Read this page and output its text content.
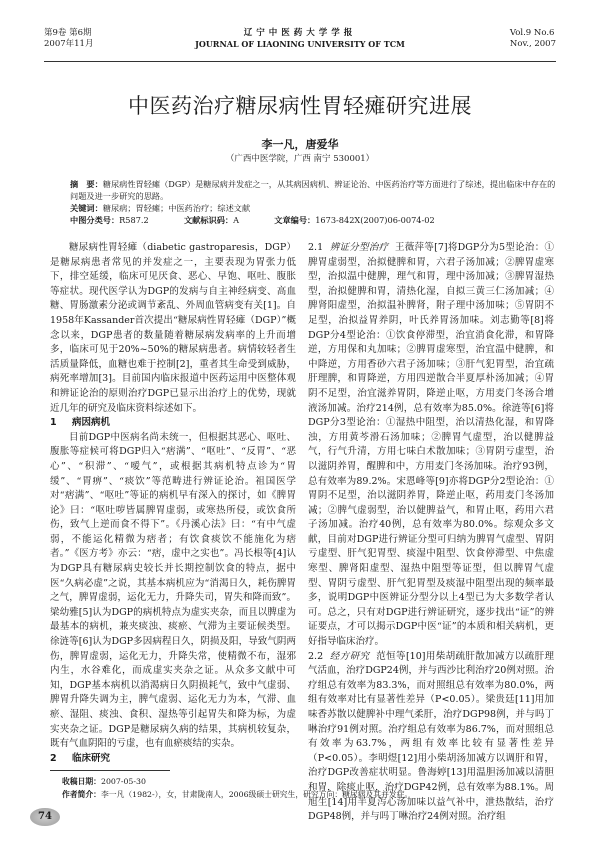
第9卷 第6期
2007年11月
辽宁中医药大学学报
JOURNAL OF LIAONING UNIVERSITY OF TCM
Vol.9 No.6
Nov., 2007
中医药治疗糖尿病性胃轻瘫研究进展
李一凡，唐爱华
（广西中医学院，广西 南宁 530001）

摘　要：糖尿病性胃轻瘫（DGP）是糖尿病并发症之一，从其病因病机、辨证论治、中医药治疗等方面进行了综述，提出临床中存在的问题及进一步研究的思路。

关键词：糖尿病；胃轻瘫；中医药治疗；综述文献

中图分类号：R587.2	文献标识码：A	文章编号：1673-842X(2007)06-0074-02

糖尿病性胃轻瘫（diabetic gastroparesis，DGP）是糖尿病患者常见的并发症之一，主要表现为胃张力低下，排空延缓，临床可见厌食、恶心、早饱、呕吐、腹胀等症状。现代医学认为DGP的发病与自主神经病变、高血糖、胃肠激素分泌或调节紊乱、外周血管病变有关[1]。自1958年Kassander首次提出“糖尿病性胃轻瘫（DGP）”概念以来，DGP患者的数量随着糖尿病发病率的上升而增多，临床可见于20%~50%的糖尿病患者。病情较轻者生活质量降低，血糖也难于控制[2]，重者其生命受到威胁，病死率增加[3]。目前国内临床报道中医药运用中医整体观和辨证论治的原则治疗DGP已显示出治疗上的优势，现就近几年的研究及临床资料综述如下。

1 病因病机

目前DGP中医病名尚未统一，但根据其恶心、呕吐、腹胀等症候可将DGP归入“痞满”、“呕吐”、“反胃”、“恶心”、“积滞”、“嗳气”，或根据其病机特点诊为“胃缓”、“胃痹”、“痰饮”等范畴进行辨证论治。祖国医学对“痞满”、“呕吐”等证的病机早有深入的探讨，如《脾胃论》曰：“呕吐哕皆属脾胃虚弱，或寒热所侵，或饮食所伤，致气上逆而食不得下”。《丹溪心法》曰：“有中气虚弱，不能运化精微为痞者；有饮食痰饮不能施化为痞者。”《医方考》亦云：“痞，虚中之实也”。冯长根等[4]认为DGP具有糖尿病史较长并长期控制饮食的特点，据中医“久病必虚”之说，其基本病机应为“消渴日久，耗伤脾胃之气，脾胃虚弱，运化无力，升降失司，胃失和降而致”。梁幼雅[5]认为DGP的病机特点为虚实夹杂，而且以脾虚为最基本的病机，兼夹痰浊、痰瘀、气滞为主要证候类型。徐涟等[6]认为DGP多因病程日久，阴损及阳，导致气阴两伤，脾胃虚弱，运化无力，升降失常，使精微不布，湿邪内生，水谷难化，而成虚实夹杂之证。从众多文献中可知，DGP基本病机以消渴病日久阴损耗气，致中气虚弱、脾胃升降失调为主，脾气虚弱、运化无力为本，气滞、血瘀、湿阻、痰浊、食积、湿热等引起胃失和降为标，为虚实夹杂之证。DGP是糖尿病久病的结果，其病机较复杂，既有气血阴阳的亏虚，也有血瘀痰结的实杂。

2 临床研究

2.1 辨证分型治疗 王薇萍等[7]将DGP分为5型论治：①脾胃虚弱型，治拟健脾和胃，六君子汤加减；②脾胃虚寒型，治拟温中健脾，理气和胃，理中汤加减；③脾胃湿热型，治拟健脾和胃，清热化湿，自拟三黄三仁汤加减；④脾肾阳虚型，治拟温补脾肾，附子理中汤加味；⑤胃阴不足型，治拟益胃养阴，叶氏养胃汤加味。刘志勤等[8]将DGP分4型论治：①饮食停滞型，治宜消食化滞，和胃降逆，方用保和丸加味；②脾胃虚寒型，治宜温中健脾，和中降逆，方用香砂六君子汤加味；③肝气犯胃型，治宜疏肝理脾，和胃降逆，方用四逆散合半夏厚朴汤加减；④胃阴不足型，治宜滋养胃阴，降逆止呕，方用麦门冬汤合增液汤加减。治疗214例，总有效率为85.0%。徐涟等[6]将DGP分3型论治：①湿热中阻型，治以清热化湿，和胃降浊，方用黄芩滑石汤加味；②脾胃气虚型，治以健脾益气，行气升清，方用七味白术散加味；③胃阴亏虚型，治以滋阴养胃，醒脾和中，方用麦门冬汤加味。治疗93例，总有效率为89.2%。宋恩峰等[9]亦将DGP分2型论治：①胃阴不足型，治以滋阴养胃，降逆止呕，药用麦门冬汤加减；②脾气虚弱型，治以健脾益气，和胃止呕，药用六君子汤加减。治疗40例，总有效率为80.0%。综观众多文献，目前对DGP进行辨证分型可归纳为脾胃气虚型、胃阴亏虚型、肝气犯胃型、痰湿中阻型、饮食停滞型、中焦虚寒型、脾肾阳虚型、湿热中阻型等证型，但以脾胃气虚型、胃阴亏虚型、肝气犯胃型及痰湿中阻型出现的频率最多，说明DGP中医辨证分型分以上4型已为大多数学者认可。总之，只有对DGP进行辨证研究，逐步找出“证”的辨证要点，才可以揭示DGP中医“证”的本质和相关病机，更好指导临床治疗。

2.2 经方研究 范恒等[10]用柴胡疏肝散加减方以疏肝理气活血，治疗DGP24例，并与西沙比利治疗20例对照。治疗组总有效率为83.3%，而对照组总有效率为80.0%，两组有效率对比有显著性差异（P<0.05）。梁贵廷[11]用加味香苏散以健脾补中理气柔肝，治疗DGP98例，并与吗丁啉治疗91例对照。治疗组总有效率为86.7%，而对照组总有效率为63.7%，两组有效率比较有显著性差异（P<0.05）。李明煜[12]用小柴胡汤加减方以调肝和胃，治疗DGP改善症状明显。鲁海婷[13]用温胆汤加减以清胆和胃，除痰止呕，治疗DGP42例，总有效率为88.1%。周旭生[14]用半夏泻心汤加味以益气补中，泄热散结，治疗DGP48例，并与吗丁啉治疗24例对照。治疗组

收稿日期：2007-05-30
作者简介：李一凡（1982-），女，甘肃陇南人，2006级硕士研究生，研究方向：糖尿病及其并发症。
74
